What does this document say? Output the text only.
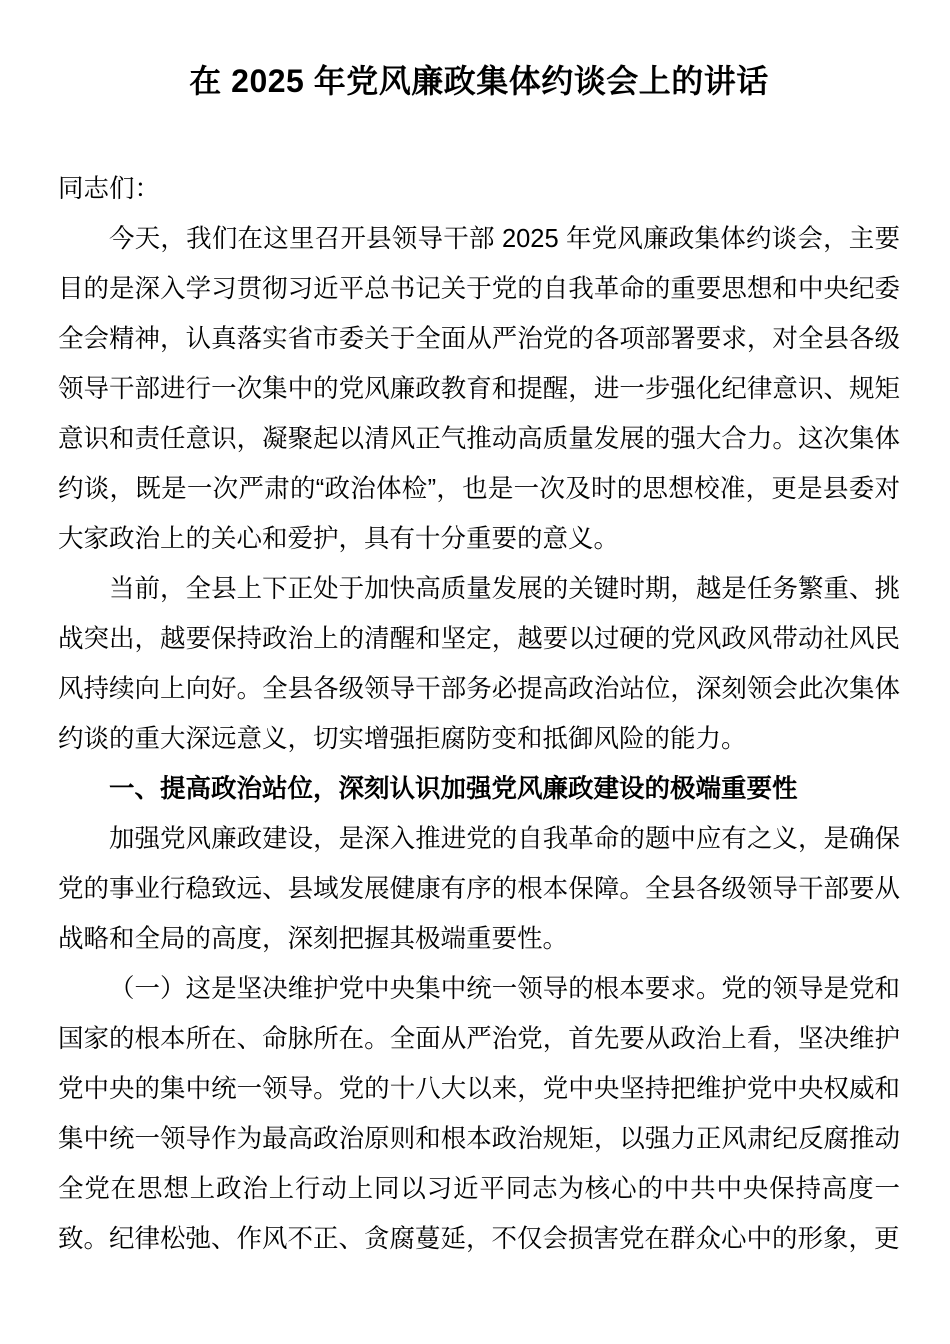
在 2025 年党风廉政集体约谈会上的讲话

同志们：

今天，我们在这里召开县领导干部 2025 年党风廉政集体约谈会，主要目的是深入学习贯彻习近平总书记关于党的自我革命的重要思想和中央纪委全会精神，认真落实省市委关于全面从严治党的各项部署要求，对全县各级领导干部进行一次集中的党风廉政教育和提醒，进一步强化纪律意识、规矩意识和责任意识，凝聚起以清风正气推动高质量发展的强大合力。这次集体约谈，既是一次严肃的“政治体检”，也是一次及时的思想校准，更是县委对大家政治上的关心和爱护，具有十分重要的意义。

当前，全县上下正处于加快高质量发展的关键时期，越是任务繁重、挑战突出，越要保持政治上的清醒和坚定，越要以过硬的党风政风带动社风民风持续向上向好。全县各级领导干部务必提高政治站位，深刻领会此次集体约谈的重大深远意义，切实增强拒腐防变和抵御风险的能力。

一、提高政治站位，深刻认识加强党风廉政建设的极端重要性

加强党风廉政建设，是深入推进党的自我革命的题中应有之义，是确保党的事业行稳致远、县域发展健康有序的根本保障。全县各级领导干部要从战略和全局的高度，深刻把握其极端重要性。

（一）这是坚决维护党中央集中统一领导的根本要求。党的领导是党和国家的根本所在、命脉所在。全面从严治党，首先要从政治上看，坚决维护党中央的集中统一领导。党的十八大以来，党中央坚持把维护党中央权威和集中统一领导作为最高政治原则和根本政治规矩，以强力正风肃纪反腐推动全党在思想上政治上行动上同以习近平同志为核心的中共中央保持高度一致。纪律松弛、作风不正、贪腐蔓延，不仅会损害党在群众心中的形象，更
